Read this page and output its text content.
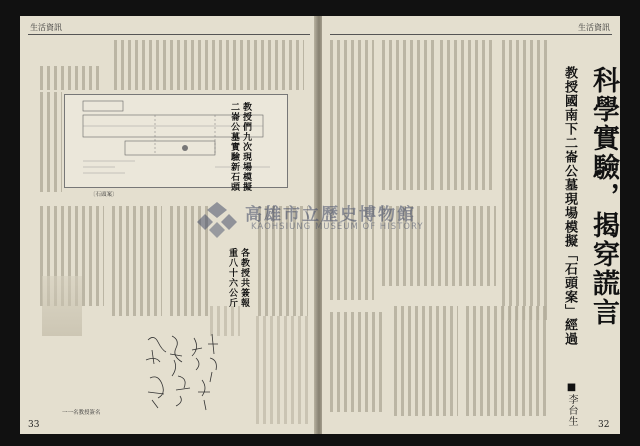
生活資訊
〔石頭案〕
教授們九次現場模擬
二崙公墓實驗新石頭
各教授共簽報
重八十六公斤
一一名教授簽名
33
生活資訊
科學實驗，揭穿謊言
教授國南下二崙公墓現場模擬「石頭案」經過
■李台生 32
高雄市立歷史博物館
KAOHSIUNG MUSEUM OF HISTORY
